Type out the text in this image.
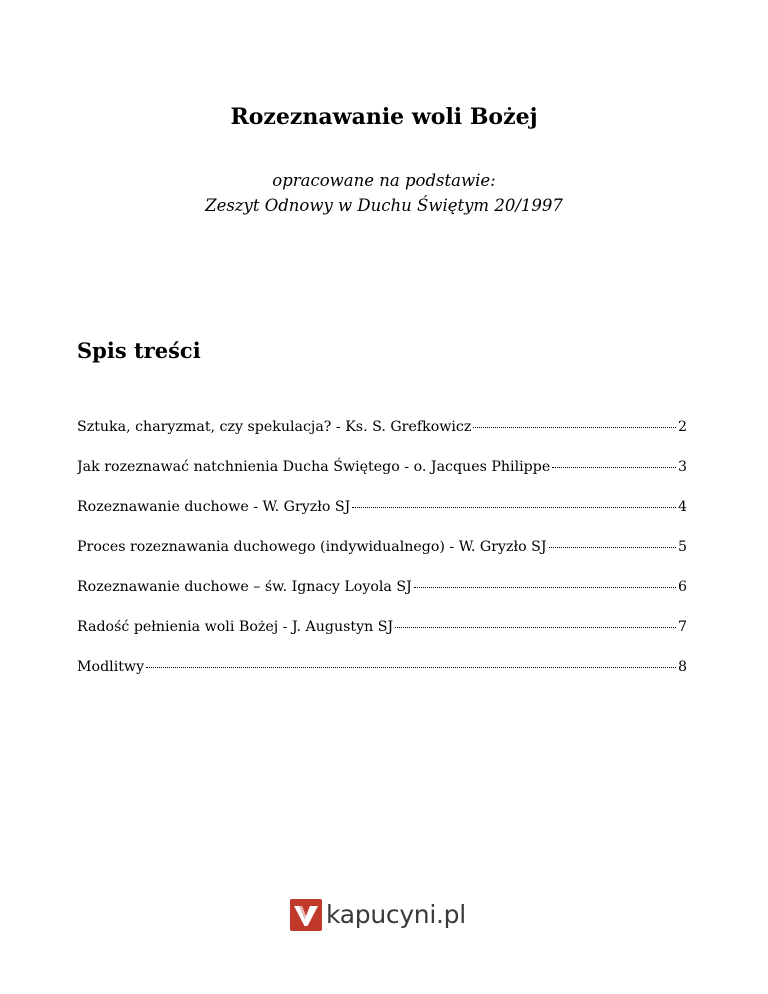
Rozeznawanie woli Bożej
opracowane na podstawie:
Zeszyt Odnowy w Duchu Świętym 20/1997
Spis treści
Sztuka, charyzmat, czy spekulacja? - Ks. S. Grefkowicz	2
Jak rozeznawać natchnienia Ducha Świętego - o. Jacques Philippe	3
Rozeznawanie duchowe - W. Gryzło SJ	4
Proces rozeznawania duchowego (indywidualnego) - W. Gryzło SJ	5
Rozeznawanie duchowe – św. Ignacy Loyola SJ	6
Radość pełnienia woli Bożej - J. Augustyn SJ	7
Modlitwy	8
kapucyni.pl
